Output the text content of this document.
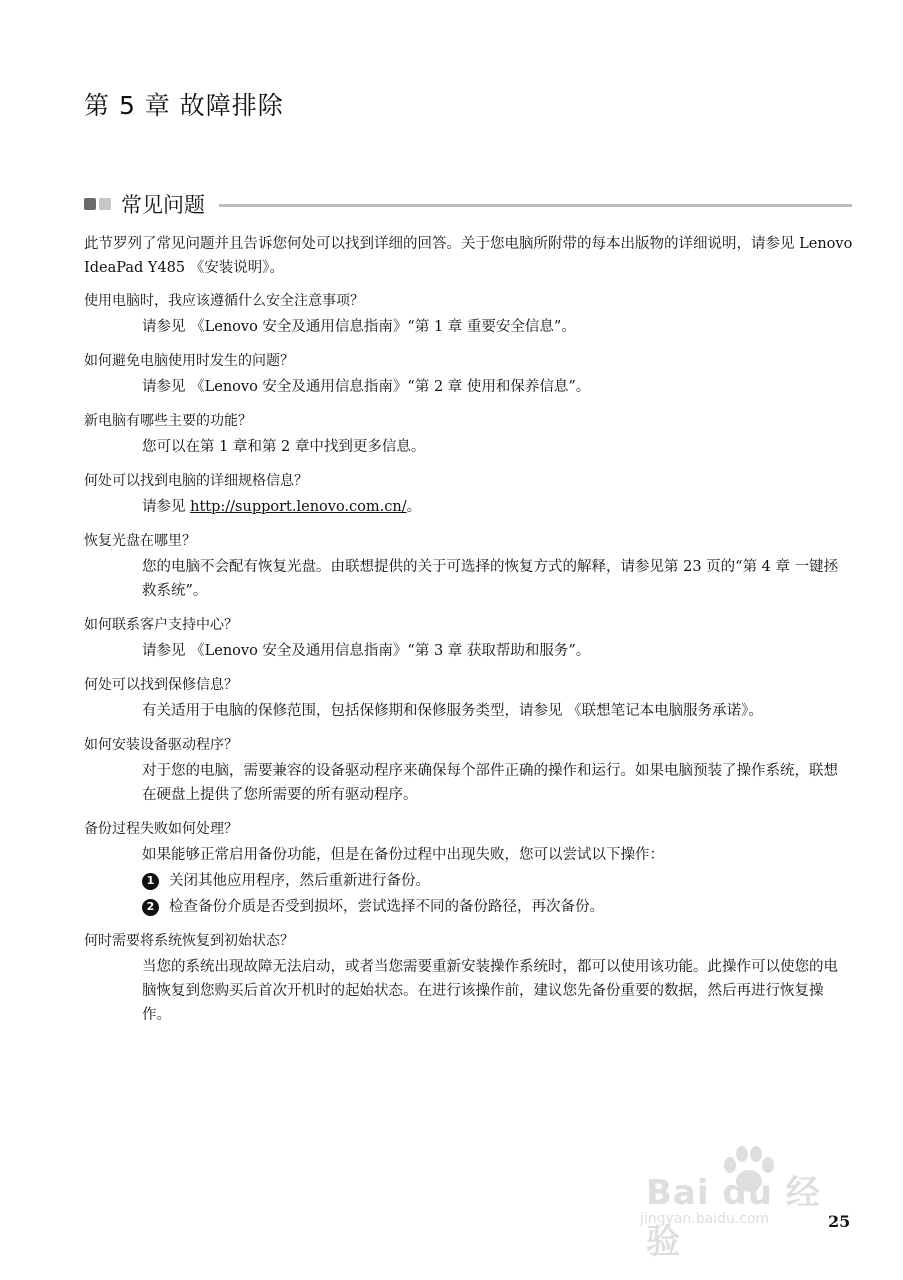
第 5 章 故障排除
常见问题

此节罗列了常见问题并且告诉您何处可以找到详细的回答。关于您电脑所附带的每本出版物的详细说明，请参见 Lenovo IdeaPad Y485 《安装说明》。

使用电脑时，我应该遵循什么安全注意事项？

请参见 《Lenovo 安全及通用信息指南》“第 1 章 重要安全信息”。

如何避免电脑使用时发生的问题？

请参见 《Lenovo 安全及通用信息指南》“第 2 章 使用和保养信息”。

新电脑有哪些主要的功能？

您可以在第 1 章和第 2 章中找到更多信息。

何处可以找到电脑的详细规格信息？

请参见 http://support.lenovo.com.cn/。

恢复光盘在哪里？

您的电脑不会配有恢复光盘。由联想提供的关于可选择的恢复方式的解释，请参见第 23 页的“第 4 章 一键拯救系统”。

如何联系客户支持中心？

请参见 《Lenovo 安全及通用信息指南》“第 3 章 获取帮助和服务”。

何处可以找到保修信息？

有关适用于电脑的保修范围，包括保修期和保修服务类型，请参见 《联想笔记本电脑服务承诺》。

如何安装设备驱动程序？

对于您的电脑，需要兼容的设备驱动程序来确保每个部件正确的操作和运行。如果电脑预装了操作系统，联想在硬盘上提供了您所需要的所有驱动程序。

备份过程失败如何处理？

如果能够正常启用备份功能，但是在备份过程中出现失败，您可以尝试以下操作：

1	关闭其他应用程序，然后重新进行备份。
2	检查备份介质是否受到损坏，尝试选择不同的备份路径，再次备份。

何时需要将系统恢复到初始状态？

当您的系统出现故障无法启动，或者当您需要重新安装操作系统时，都可以使用该功能。此操作可以使您的电脑恢复到您购买后首次开机时的起始状态。在进行该操作前，建议您先备份重要的数据，然后再进行恢复操作。

Bai du 经验
jingyan.baidu.com	25
